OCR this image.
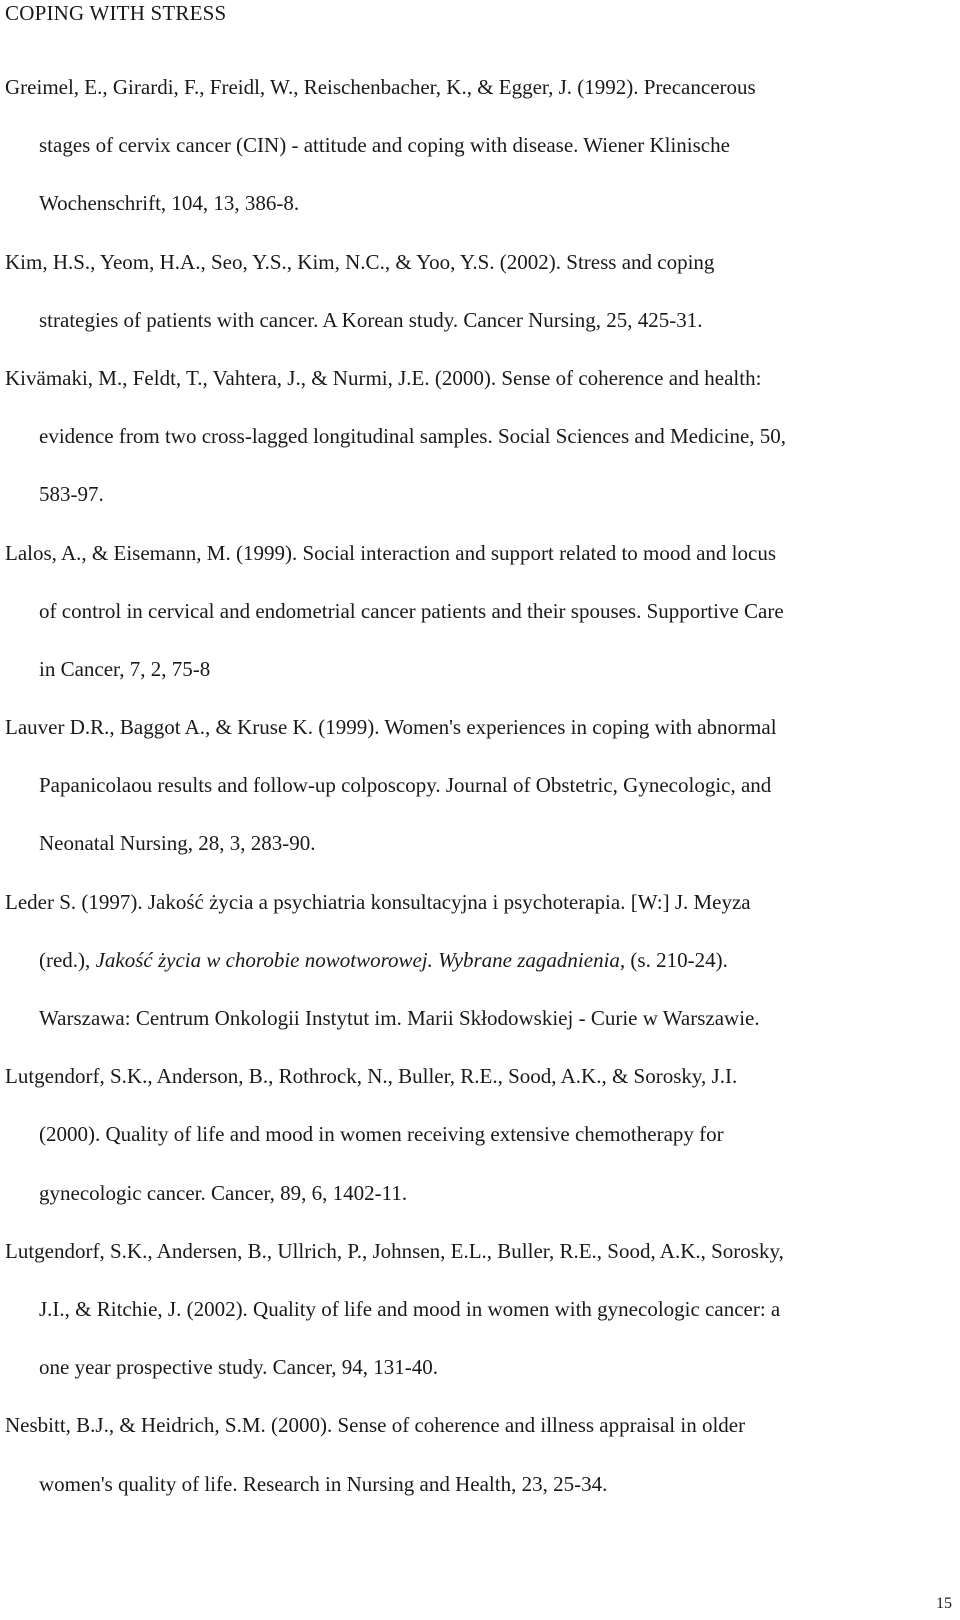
COPING WITH STRESS
Greimel, E., Girardi, F., Freidl, W., Reischenbacher, K., & Egger, J. (1992). Precancerous
stages of cervix cancer (CIN) - attitude and coping with disease. Wiener Klinische
Wochenschrift, 104, 13, 386-8.
Kim, H.S., Yeom, H.A., Seo, Y.S., Kim, N.C., & Yoo, Y.S. (2002). Stress and coping
strategies of patients with cancer. A Korean study. Cancer Nursing, 25, 425-31.
Kivämaki, M., Feldt, T., Vahtera, J., & Nurmi, J.E. (2000). Sense of coherence and health:
evidence from two cross-lagged longitudinal samples. Social Sciences and Medicine, 50,
583-97.
Lalos, A., & Eisemann, M. (1999). Social interaction and support related to mood and locus
of control in cervical and endometrial cancer patients and their spouses. Supportive Care
in Cancer, 7, 2, 75-8
Lauver D.R., Baggot A., & Kruse K. (1999). Women's experiences in coping with abnormal
Papanicolaou results and follow-up colposcopy. Journal of Obstetric, Gynecologic, and
Neonatal Nursing, 28, 3, 283-90.
Leder S. (1997). Jakość życia a psychiatria konsultacyjna i psychoterapia. [W:] J. Meyza
(red.), Jakość życia w chorobie nowotworowej. Wybrane zagadnienia, (s. 210-24).
Warszawa: Centrum Onkologii Instytut im. Marii Skłodowskiej - Curie w Warszawie.
Lutgendorf, S.K., Anderson, B., Rothrock, N., Buller, R.E., Sood, A.K., & Sorosky, J.I.
(2000). Quality of life and mood in women receiving extensive chemotherapy for
gynecologic cancer. Cancer, 89, 6, 1402-11.
Lutgendorf, S.K., Andersen, B., Ullrich, P., Johnsen, E.L., Buller, R.E., Sood, A.K., Sorosky,
J.I., & Ritchie, J. (2002). Quality of life and mood in women with gynecologic cancer: a
one year prospective study. Cancer, 94, 131-40.
Nesbitt, B.J., & Heidrich, S.M. (2000). Sense of coherence and illness appraisal in older
women's quality of life. Research in Nursing and Health, 23, 25-34.
15
